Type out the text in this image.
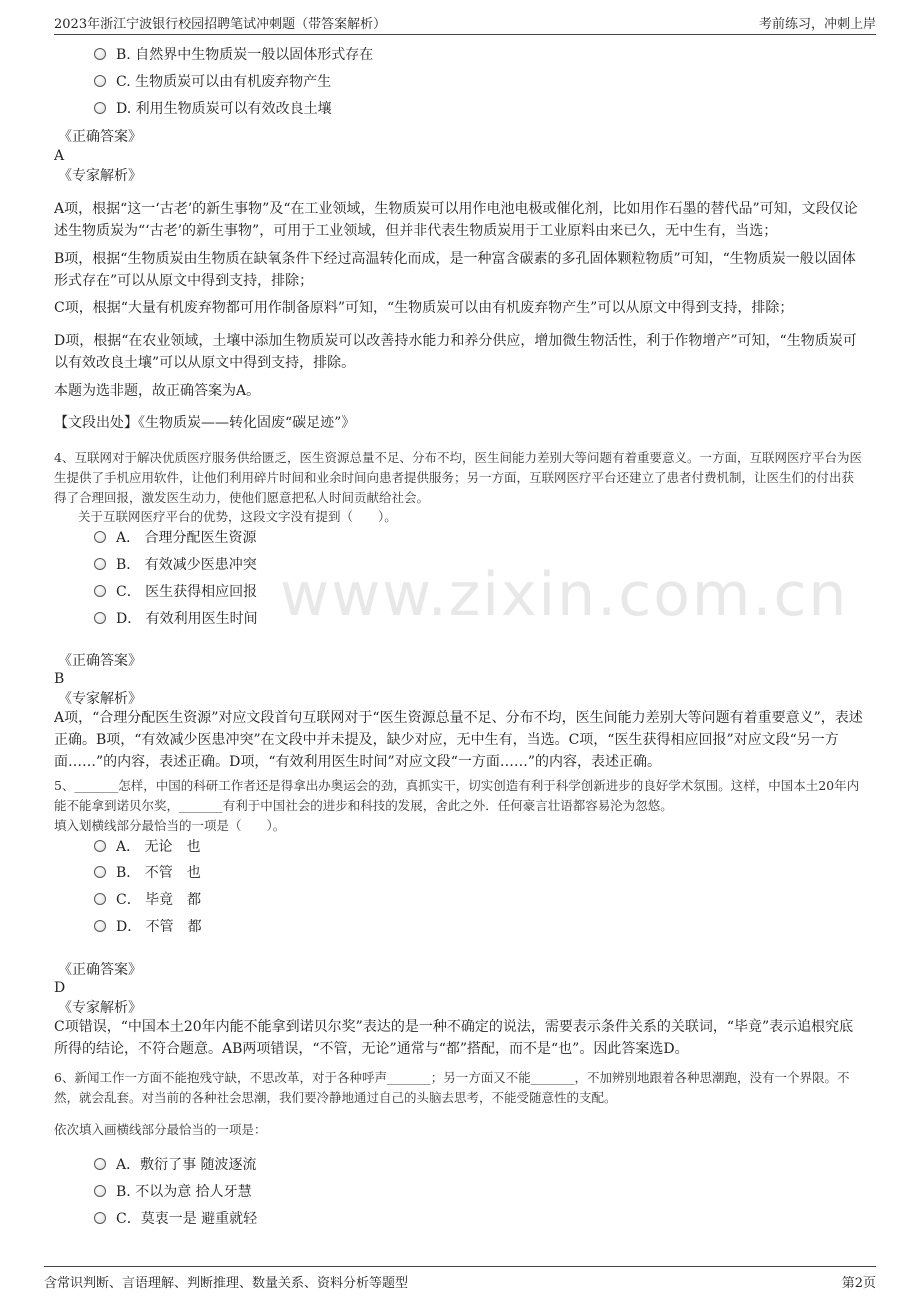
2023年浙江宁波银行校园招聘笔试冲刺题（带答案解析）	考前练习，冲刺上岸
www.zixin.com.cn
B. 自然界中生物质炭一般以固体形式存在
C. 生物质炭可以由有机废弃物产生
D. 利用生物质炭可以有效改良土壤
《正确答案》
A
《专家解析》
A项，根据“这一‘古老’的新生事物”及“在工业领域，生物质炭可以用作电池电极或催化剂，比如用作石墨的替代品”可知，文段仅论述生物质炭为“‘古老’的新生事物”，可用于工业领域，但并非代表生物质炭用于工业原料由来已久，无中生有，当选；
B项，根据“生物质炭由生物质在缺氧条件下经过高温转化而成，是一种富含碳素的多孔固体颗粒物质”可知，“生物质炭一般以固体形式存在”可以从原文中得到支持，排除；
C项，根据“大量有机废弃物都可用作制备原料”可知，“生物质炭可以由有机废弃物产生”可以从原文中得到支持，排除；
D项，根据“在农业领域，土壤中添加生物质炭可以改善持水能力和养分供应，增加微生物活性，利于作物增产”可知，“生物质炭可以有效改良土壤”可以从原文中得到支持，排除。
本题为选非题，故正确答案为A。
【文段出处】《生物质炭——转化固废“碳足迹”》
4、互联网对于解决优质医疗服务供给匮乏，医生资源总量不足、分布不均，医生间能力差别大等问题有着重要意义。一方面，互联网医疗平台为医生提供了手机应用软件，让他们利用碎片时间和业余时间向患者提供服务；另一方面，互联网医疗平台还建立了患者付费机制，让医生们的付出获得了合理回报，激发医生动力，使他们愿意把私人时间贡献给社会。
关于互联网医疗平台的优势，这段文字没有提到（　　）。
A． 合理分配医生资源
B． 有效减少医患冲突
C． 医生获得相应回报
D． 有效利用医生时间
《正确答案》
B
《专家解析》
A项，“合理分配医生资源”对应文段首句互联网对于“医生资源总量不足、分布不均，医生间能力差别大等问题有着重要意义”，表述正确。B项，“有效减少医患冲突”在文段中并未提及，缺少对应，无中生有，当选。C项，“医生获得相应回报”对应文段“另一方面……”的内容，表述正确。D项，“有效利用医生时间”对应文段“一方面……”的内容，表述正确。
5、_______怎样，中国的科研工作者还是得拿出办奥运会的劲，真抓实干，切实创造有利于科学创新进步的良好学术氛围。这样，中国本土20年内能不能拿到诺贝尔奖，_______有利于中国社会的进步和科技的发展，舍此之外．任何豪言壮语都容易沦为忽悠。
填入划横线部分最恰当的一项是（　　）。
A． 无论　也
B． 不管　也
C． 毕竟　都
D． 不管　都
《正确答案》
D
《专家解析》
C项错误，“中国本土20年内能不能拿到诺贝尔奖”表达的是一种不确定的说法，需要表示条件关系的关联词，“毕竟”表示追根究底所得的结论，不符合题意。AB两项错误，“不管，无论”通常与“都”搭配，而不是“也”。因此答案选D。
6、新闻工作一方面不能抱残守缺，不思改革，对于各种呼声_______；另一方面又不能_______，不加辨别地跟着各种思潮跑，没有一个界限。不然，就会乱套。对当前的各种社会思潮，我们要冷静地通过自己的头脑去思考，不能受随意性的支配。
依次填入画横线部分最恰当的一项是：
A．敷衍了事 随波逐流
B. 不以为意 拾人牙慧
C．莫衷一是 避重就轻
含常识判断、言语理解、判断推理、数量关系、资料分析等题型	第2页
